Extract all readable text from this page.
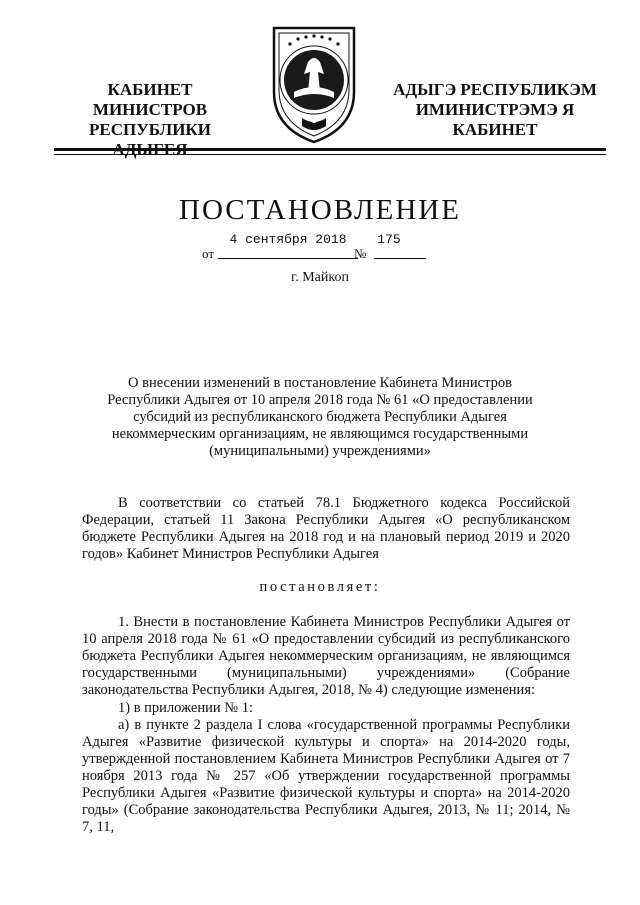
КАБИНЕТ МИНИСТРОВ
РЕСПУБЛИКИ
АДЫГЭ РЕСПУБЛИКЭМ
ИМИНИСТРЭМЭ Я КАБИНЕТ
ПОСТАНОВЛЕНИЕ
от
4 сентября 2018
№
175
г. Майкоп
О внесении изменений в постановление Кабинета Министров Республики Адыгея от 10 апреля 2018 года № 61 «О предоставлении субсидий из республиканского бюджета Республики Адыгея некоммерческим организациям, не являющимся государственными (муниципальными) учреждениями»
В соответствии со статьей 78.1 Бюджетного кодекса Российской Федерации, статьей 11 Закона Республики Адыгея «О республиканском бюджете Республики Адыгея на 2018 год и на плановый период 2019 и 2020 годов» Кабинет Министров Республики Адыгея
постановляет:
1. Внести в постановление Кабинета Министров Республики Адыгея от 10 апреля 2018 года № 61 «О предоставлении субсидий из республиканского бюджета Республики Адыгея некоммерческим организациям, не являющимся государственными (муниципальными) учреждениями» (Собрание законодательства Республики Адыгея, 2018, № 4) следующие изменения:
1) в приложении № 1:
а) в пункте 2 раздела I слова «государственной программы Республики Адыгея «Развитие физической культуры и спорта» на 2014-2020 годы, утвержденной постановлением Кабинета Министров Республики Адыгея от 7 ноября 2013 года № 257 «Об утверждении государственной программы Республики Адыгея «Развитие физической культуры и спорта» на 2014-2020 годы» (Собрание законодательства Республики Адыгея, 2013, № 11; 2014, № 7, 11,
